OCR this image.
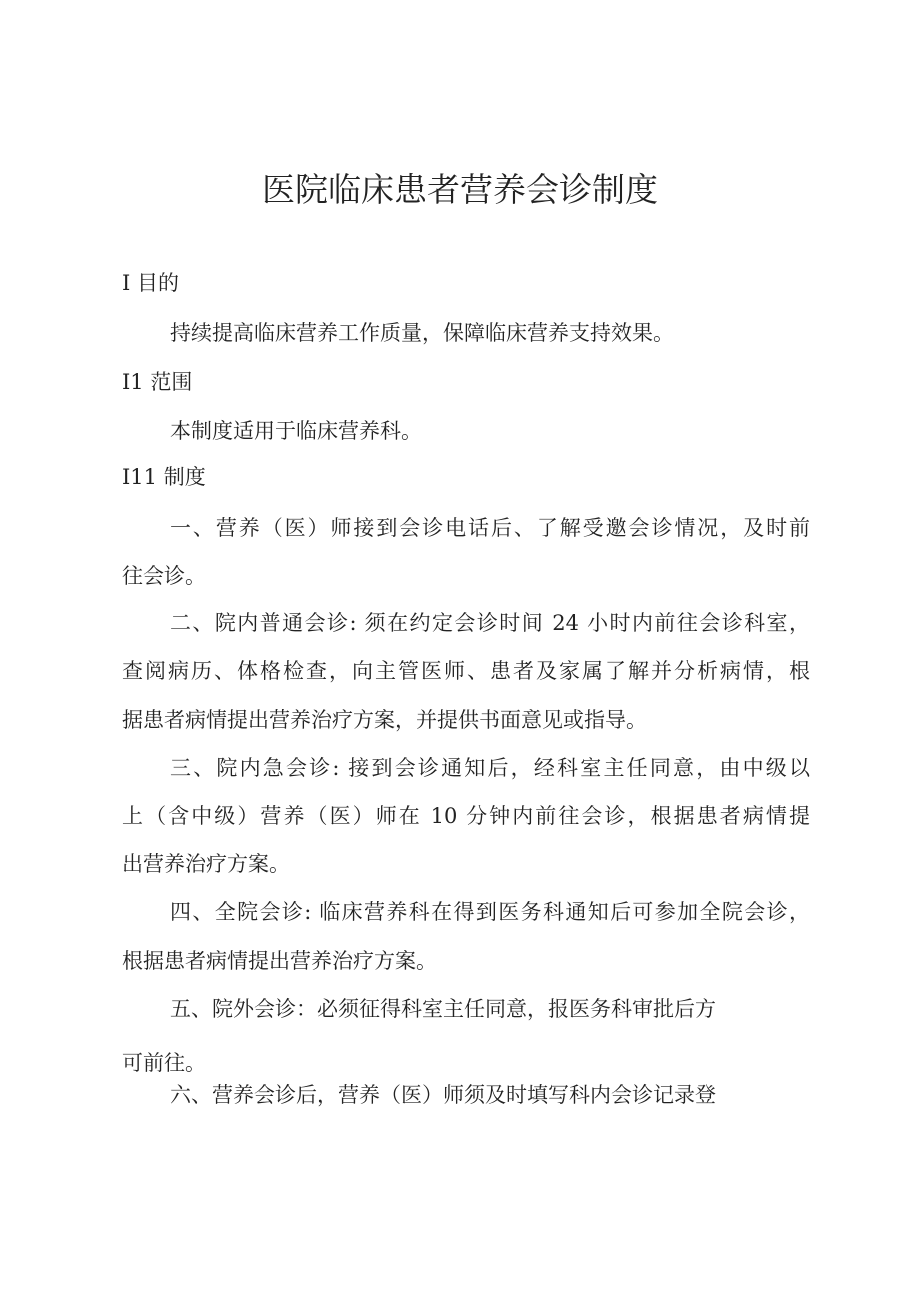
医院临床患者营养会诊制度
I 目的
持续提高临床营养工作质量，保障临床营养支持效果。
I1 范围
本制度适用于临床营养科。
I11 制度
一、营养（医）师接到会诊电话后、了解受邀会诊情况，及时前
往会诊。
二、院内普通会诊: 须在约定会诊时间 24 小时内前往会诊科室，
查阅病历、体格检查，向主管医师、患者及家属了解并分析病情，根
据患者病情提出营养治疗方案，并提供书面意见或指导。
三、院内急会诊: 接到会诊通知后，经科室主任同意，由中级以
上（含中级）营养（医）师在 10 分钟内前往会诊，根据患者病情提
出营养治疗方案。
四、全院会诊: 临床营养科在得到医务科通知后可参加全院会诊，
根据患者病情提出营养治疗方案。
五、院外会诊：必须征得科室主任同意，报医务科审批后方
可前往。
六、营养会诊后，营养（医）师须及时填写科内会诊记录登
